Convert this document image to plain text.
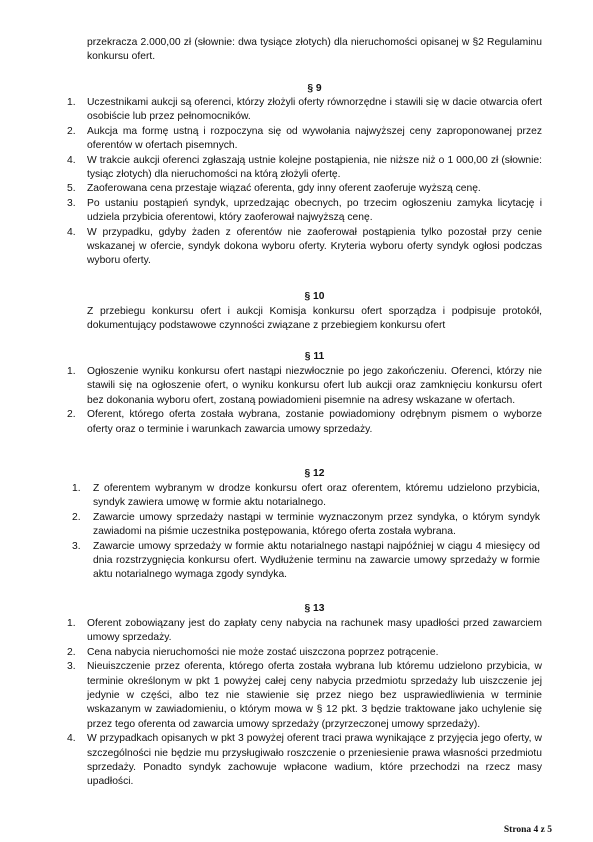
przekracza 2.000,00 zł (słownie: dwa tysiące złotych) dla nieruchomości opisanej w §2 Regulaminu konkursu ofert.
§ 9
1. Uczestnikami aukcji są oferenci, którzy złożyli oferty równorzędne i stawili się w dacie otwarcia ofert osobiście lub przez pełnomocników.
2. Aukcja ma formę ustną i rozpoczyna się od wywołania najwyższej ceny zaproponowanej przez oferentów w ofertach pisemnych.
4. W trakcie aukcji oferenci zgłaszają ustnie kolejne postąpienia, nie niższe niż o 1 000,00 zł (słownie: tysiąc złotych) dla nieruchomości na którą złożyli ofertę.
5. Zaoferowana cena przestaje wiązać oferenta, gdy inny oferent zaoferuje wyższą cenę.
3. Po ustaniu postąpień syndyk, uprzedzając obecnych, po trzecim ogłoszeniu zamyka licytację i udziela przybicia oferentowi, który zaoferował najwyższą cenę.
4. W przypadku, gdyby żaden z oferentów nie zaoferował postąpienia tylko pozostał przy cenie wskazanej w ofercie, syndyk dokona wyboru oferty. Kryteria wyboru oferty syndyk ogłosi podczas wyboru oferty.
§ 10
Z przebiegu konkursu ofert i aukcji Komisja konkursu ofert sporządza i podpisuje protokół, dokumentujący podstawowe czynności związane z przebiegiem konkursu ofert
§ 11
1. Ogłoszenie wyniku konkursu ofert nastąpi niezwłocznie po jego zakończeniu. Oferenci, którzy nie stawili się na ogłoszenie ofert, o wyniku konkursu ofert lub aukcji oraz zamknięciu konkursu ofert bez dokonania wyboru ofert, zostaną powiadomieni pisemnie na adresy wskazane w ofertach.
2. Oferent, którego oferta została wybrana, zostanie powiadomiony odrębnym pismem o wyborze oferty oraz o terminie i warunkach zawarcia umowy sprzedaży.
§ 12
1. Z oferentem wybranym w drodze konkursu ofert oraz oferentem, któremu udzielono przybicia, syndyk zawiera umowę w formie aktu notarialnego.
2. Zawarcie umowy sprzedaży nastąpi w terminie wyznaczonym przez syndyka, o którym syndyk zawiadomi na piśmie uczestnika postępowania, którego oferta została wybrana.
3. Zawarcie umowy sprzedaży w formie aktu notarialnego nastąpi najpóźniej w ciągu 4 miesięcy od dnia rozstrzygnięcia konkursu ofert. Wydłużenie terminu na zawarcie umowy sprzedaży w formie aktu notarialnego wymaga zgody syndyka.
§ 13
1. Oferent zobowiązany jest do zapłaty ceny nabycia na rachunek masy upadłości przed zawarciem umowy sprzedaży.
2. Cena nabycia nieruchomości nie może zostać uiszczona poprzez potrącenie.
3. Nieuiszczenie przez oferenta, którego oferta została wybrana lub któremu udzielono przybicia, w terminie określonym w pkt 1 powyżej całej ceny nabycia przedmiotu sprzedaży lub uiszczenie jej jedynie w części, albo tez nie stawienie się przez niego bez usprawiedliwienia w terminie wskazanym w zawiadomieniu, o którym mowa w § 12 pkt. 3 będzie traktowane jako uchylenie się przez tego oferenta od zawarcia umowy sprzedaży (przyrzeczonej umowy sprzedaży).
4. W przypadkach opisanych w pkt 3 powyżej oferent traci prawa wynikające z przyjęcia jego oferty, w szczególności nie będzie mu przysługiwało roszczenie o przeniesienie prawa własności przedmiotu sprzedaży. Ponadto syndyk zachowuje wpłacone wadium, które przechodzi na rzecz masy upadłości.
Strona 4 z 5
